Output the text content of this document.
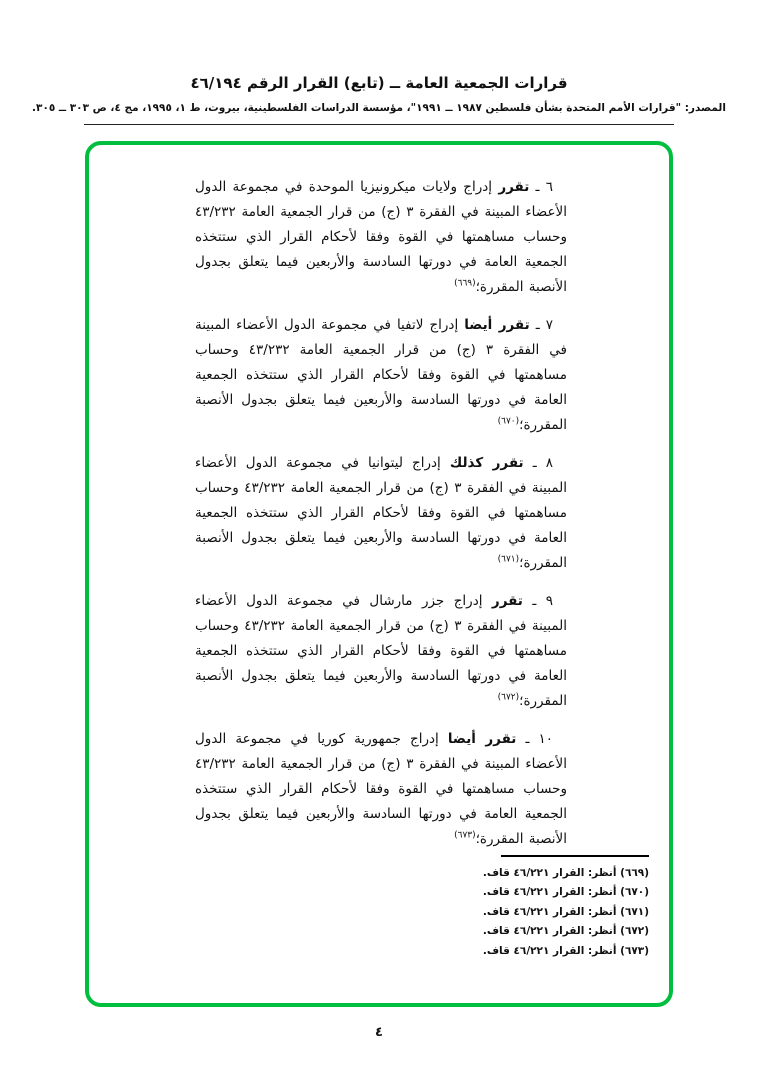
قرارات الجمعية العامة ــ (تابع) القرار الرقم ٤٦/١٩٤
المصدر: "قرارات الأمم المتحدة بشأن فلسطين ١٩٨٧ ــ ١٩٩١"، مؤسسة الدراسات الفلسطينية، بيروت، ط ١، ١٩٩٥، مج ٤، ص ٣٠٣ ــ ٣٠٥.

٦ ـ تقرر إدراج ولايات ميكرونيزيا الموحدة في مجموعة الدول الأعضاء المبينة في الفقرة ٣ (ج) من قرار الجمعية العامة ٤٣/٢٣٢ وحساب مساهمتها في القوة وفقا لأحكام القرار الذي ستتخذه الجمعية العامة في دورتها السادسة والأربعين فيما يتعلق بجدول الأنصبة المقررة؛$^{(٦٦٩)}$

٧ ـ تقرر أيضا إدراج لاتفيا في مجموعة الدول الأعضاء المبينة في الفقرة ٣ (ج) من قرار الجمعية العامة ٤٣/٢٣٢ وحساب مساهمتها في القوة وفقا لأحكام القرار الذي ستتخذه الجمعية العامة في دورتها السادسة والأربعين فيما يتعلق بجدول الأنصبة المقررة؛$^{(٦٧٠)}$

٨ ـ تقرر كذلك إدراج ليتوانيا في مجموعة الدول الأعضاء المبينة في الفقرة ٣ (ج) من قرار الجمعية العامة ٤٣/٢٣٢ وحساب مساهمتها في القوة وفقا لأحكام القرار الذي ستتخذه الجمعية العامة في دورتها السادسة والأربعين فيما يتعلق بجدول الأنصبة المقررة؛$^{(٦٧١)}$

٩ ـ تقرر إدراج جزر مارشال في مجموعة الدول الأعضاء المبينة في الفقرة ٣ (ج) من قرار الجمعية العامة ٤٣/٢٣٢ وحساب مساهمتها في القوة وفقا لأحكام القرار الذي ستتخذه الجمعية العامة في دورتها السادسة والأربعين فيما يتعلق بجدول الأنصبة المقررة؛$^{(٦٧٢)}$

١٠ ـ تقرر أيضا إدراج جمهورية كوريا في مجموعة الدول الأعضاء المبينة في الفقرة ٣ (ج) من قرار الجمعية العامة ٤٣/٢٣٢ وحساب مساهمتها في القوة وفقا لأحكام القرار الذي ستتخذه الجمعية العامة في دورتها السادسة والأربعين فيما يتعلق بجدول الأنصبة المقررة؛$^{(٦٧٣)}$

(٦٦٩) أنظر: القرار ٤٦/٢٢١ قاف.
(٦٧٠) أنظر: القرار ٤٦/٢٢١ قاف.
(٦٧١) أنظر: القرار ٤٦/٢٢١ قاف.
(٦٧٢) أنظر: القرار ٤٦/٢٢١ قاف.
(٦٧٣) أنظر: القرار ٤٦/٢٢١ قاف.
٤
